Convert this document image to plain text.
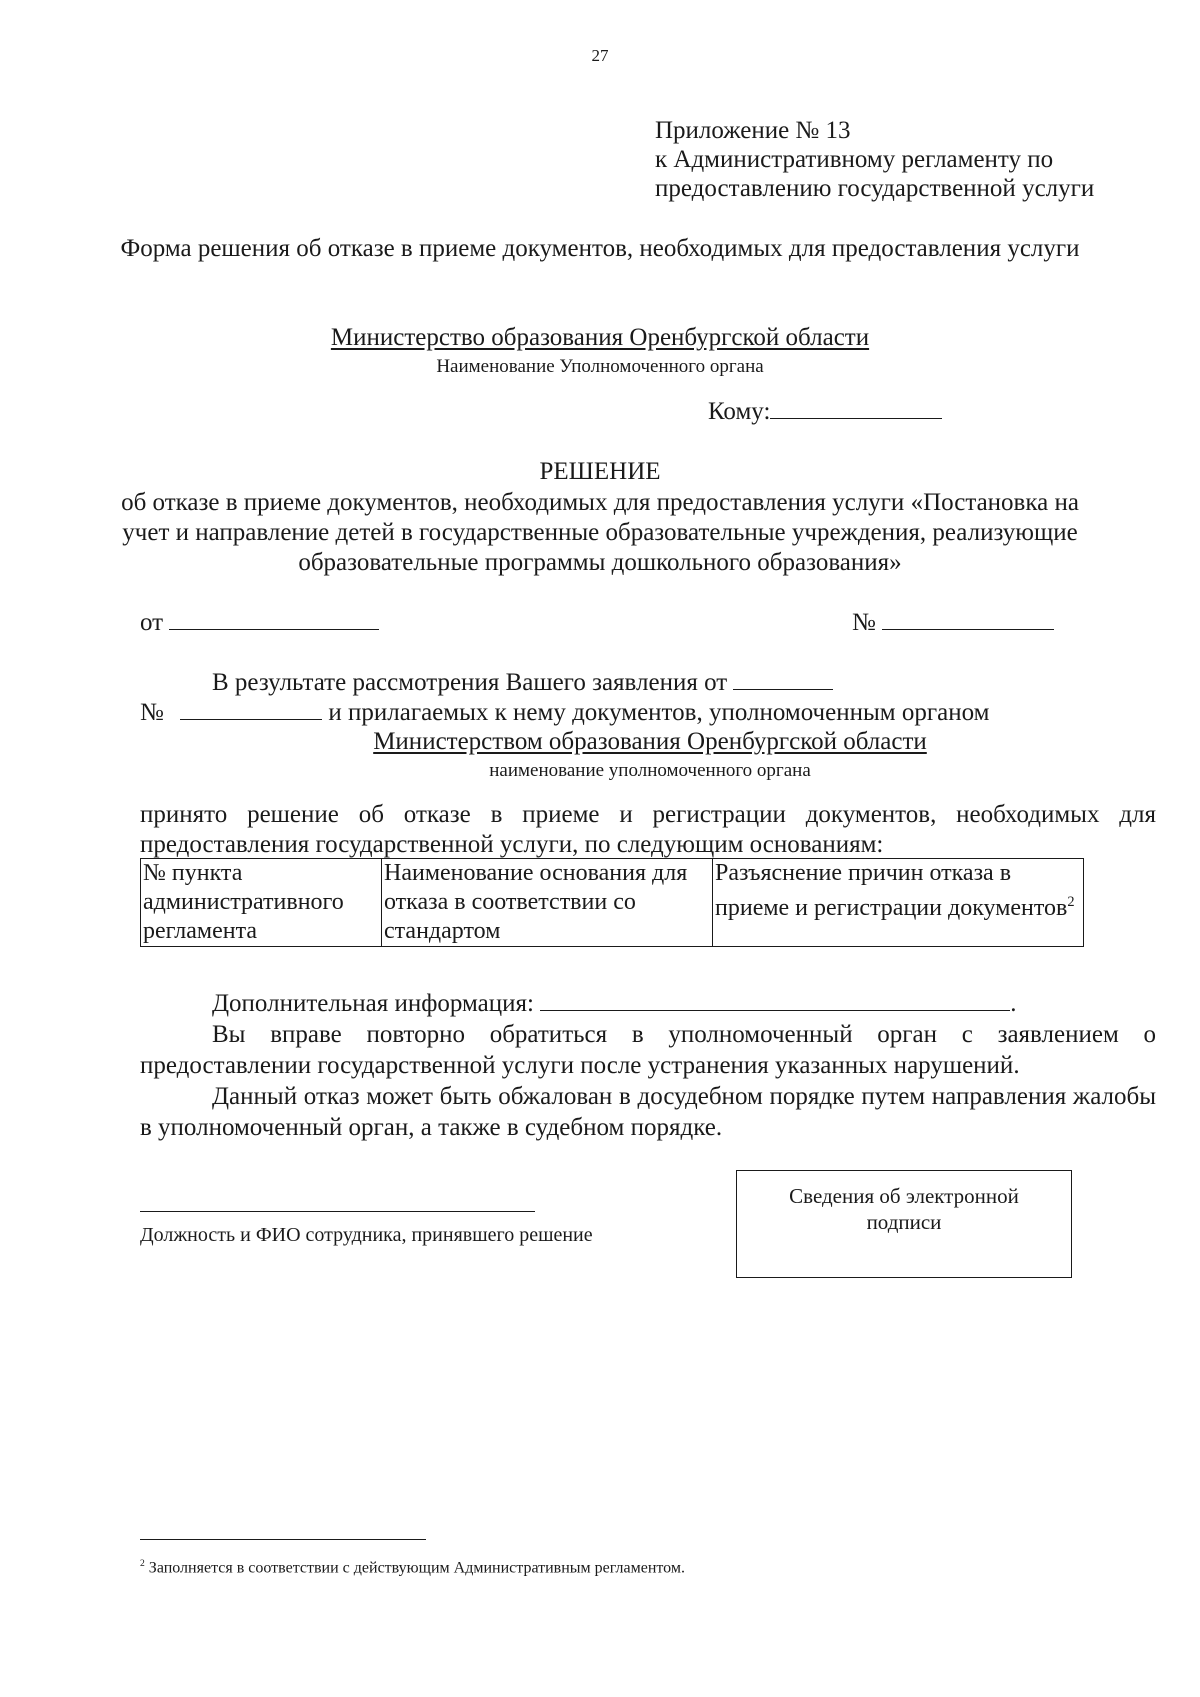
27
Приложение № 13
к Административному регламенту по
предоставлению государственной услуги
Форма решения об отказе в приеме документов, необходимых для предоставления услуги
Министерство образования Оренбургской области
Наименование Уполномоченного органа
Кому:
РЕШЕНИЕ
об отказе в приеме документов, необходимых для предоставления услуги «Постановка на учет и направление детей в государственные образовательные учреждения, реализующие образовательные программы дошкольного образования»
от	№
В результате рассмотрения Вашего заявления от
№	и прилагаемых к нему документов, уполномоченным органом
Министерством образования Оренбургской области
наименование уполномоченного органа
принято решение об отказе в приеме и регистрации документов, необходимых для предоставления государственной услуги, по следующим основаниям:
№ пункта административного регламента	Наименование основания для отказа в соответствии со стандартом	Разъяснение причин отказа в приеме и регистрации документов$^2$
Дополнительная информация:	.
Вы вправе повторно обратиться в уполномоченный орган с заявлением о предоставлении государственной услуги после устранения указанных нарушений.
Данный отказ может быть обжалован в досудебном порядке путем направления жалобы в уполномоченный орган, а также в судебном порядке.
Должность и ФИО сотрудника, принявшего решение
Сведения об электронной подписи
$^2$ Заполняется в соответствии с действующим Административным регламентом.
